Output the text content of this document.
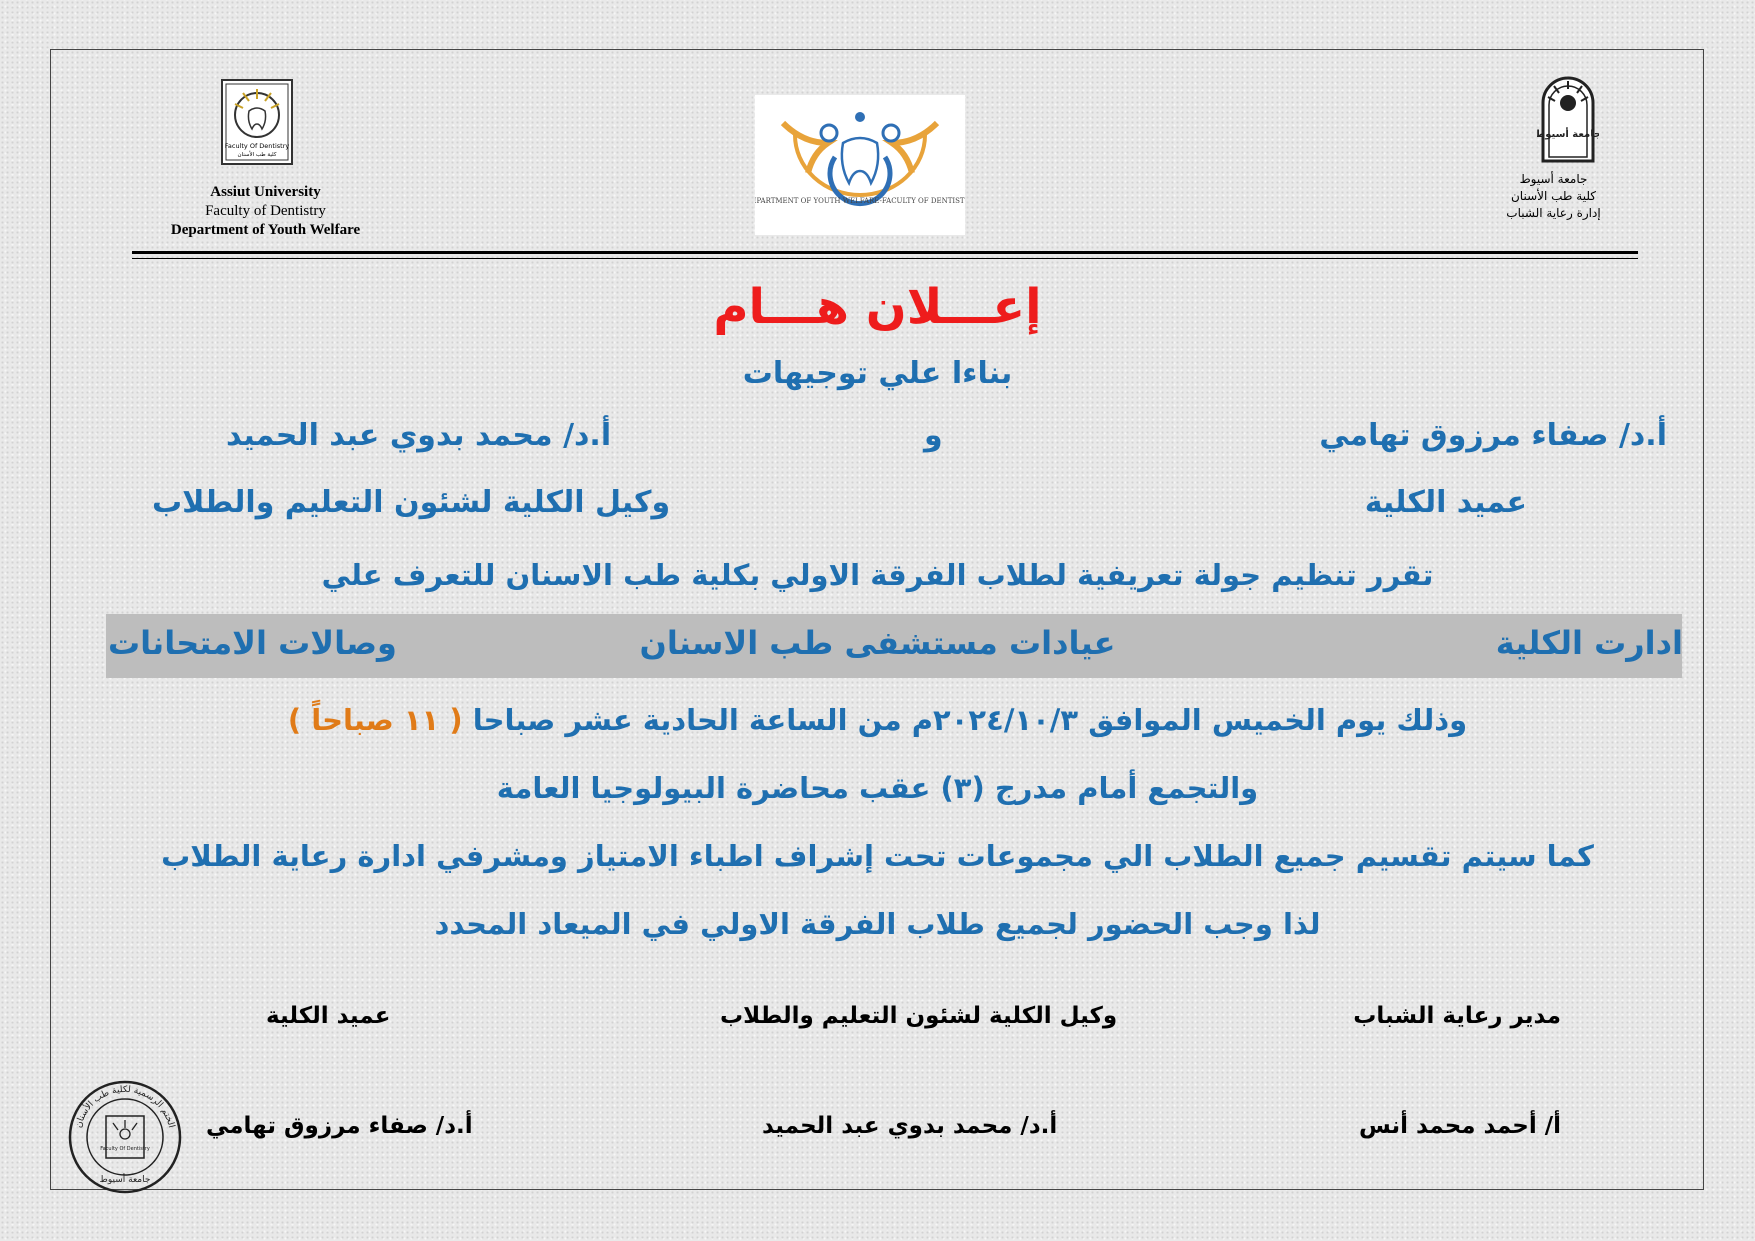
Faculty Of Dentistry
كلية طب الأسنان
Assiut University
Faculty of Dentistry
Department of Youth Welfare
DEPARTMENT OF YOUTH WELFARE-FACULTY OF DENTISTRY
جامعة أسيوط
جامعة أسيوط
كلية طب الأسنان
إدارة رعاية الشباب
إعـــلان هـــام
بناءا علي توجيهات
أ.د/ صفاء مرزوق تهامي
و
أ.د/ محمد بدوي عبد الحميد
عميد الكلية
وكيل الكلية لشئون التعليم والطلاب
تقرر تنظيم جولة تعريفية لطلاب الفرقة الاولي بكلية طب الاسنان للتعرف علي
ادارت الكلية
عيادات مستشفى طب الاسنان
وصالات الامتحانات
وذلك يوم الخميس الموافق ٢٠٢٤/١٠/٣م من الساعة الحادية عشر صباحا ( ١١ صباحاً )
والتجمع أمام مدرج (٣) عقب محاضرة البيولوجيا العامة
كما سيتم تقسيم جميع الطلاب الي مجموعات تحت إشراف اطباء الامتياز ومشرفي ادارة رعاية الطلاب
لذا وجب الحضور لجميع طلاب الفرقة الاولي في الميعاد المحدد
مدير رعاية الشباب
وكيل الكلية لشئون التعليم والطلاب
عميد الكلية
أ/ أحمد محمد أنس
أ.د/ محمد بدوي عبد الحميد
أ.د/ صفاء مرزوق تهامي
الختم الرسمية لكلية طب الأسنان
جامعة أسيوط
Faculty Of Dentistry
